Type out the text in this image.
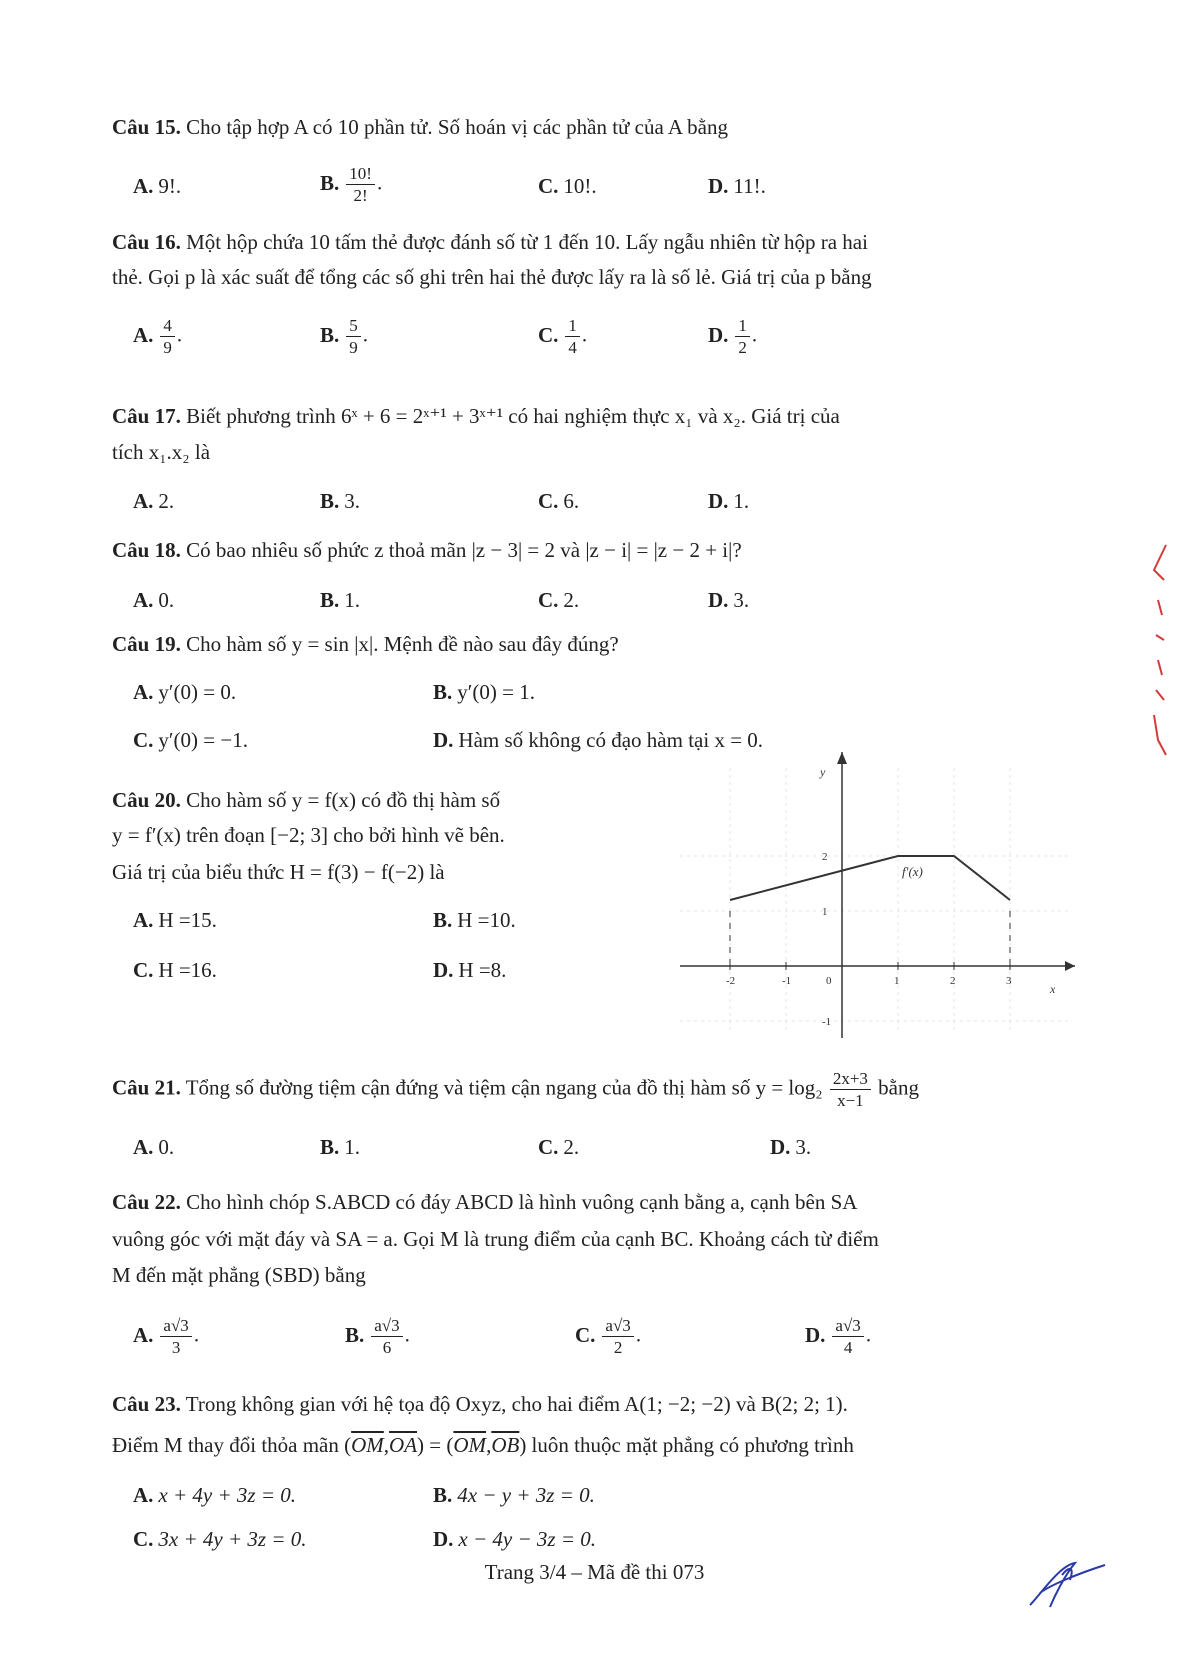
Câu 15. Cho tập hợp A có 10 phần tử. Số hoán vị các phần tử của A bằng
A. 9!.	B. $\frac{10!}{2!}$ .	C. 10!.	D. 11!.
Câu 16. Một hộp chứa 10 tấm thẻ được đánh số từ 1 đến 10. Lấy ngẫu nhiên từ hộp ra hai
thẻ. Gọi p là xác suất để tổng các số ghi trên hai thẻ được lấy ra là số lẻ. Giá trị của p bằng
A. $\frac{4}{9}$ .	B. $\frac{5}{9}$ .	C. $\frac{1}{4}$ .	D. $\frac{1}{2}$ .
Câu 17. Biết phương trình 6ˣ + 6 = 2ˣ⁺¹ + 3ˣ⁺¹ có hai nghiệm thực x₁ và x₂. Giá trị của
tích x₁.x₂ là
A. 2.	B. 3.	C. 6.	D. 1.
Câu 18. Có bao nhiêu số phức z thoả mãn |z − 3| = 2 và |z − i| = |z − 2 + i|?
A. 0.	B. 1.	C. 2.	D. 3.
Câu 19. Cho hàm số y = sin |x|. Mệnh đề nào sau đây đúng?
A. y′(0) = 0.	B. y′(0) = 1.
C. y′(0) = −1.	D. Hàm số không có đạo hàm tại x = 0.
Câu 20. Cho hàm số y = f(x) có đồ thị hàm số
y = f′(x) trên đoạn [−2; 3] cho bởi hình vẽ bên.
Giá trị của biểu thức H = f(3) − f(−2) là
A. H =15.	B. H =10.
C. H =16.	D. H =8.
y
x
-2	-1	0	1	2	3
2
1
-1
f′(x)
Câu 21. Tổng số đường tiệm cận đứng và tiệm cận ngang của đồ thị hàm số $y = \log_2 \frac{2x+3}{x-1}$ bằng
A. 0.	B. 1.	C. 2.	D. 3.
Câu 22. Cho hình chóp S.ABCD có đáy ABCD là hình vuông cạnh bằng a, cạnh bên SA
vuông góc với mặt đáy và SA = a. Gọi M là trung điểm của cạnh BC. Khoảng cách từ điểm
M đến mặt phẳng (SBD) bằng
A. $\frac{a√3}{3}$ .	B. $\frac{a√3}{6}$ .	C. $\frac{a√3}{2}$ .	D. $\frac{a√3}{4}$ .
Câu 23. Trong không gian với hệ tọa độ Oxyz, cho hai điểm A(1; −2; −2) và B(2; 2; 1).
Điểm M thay đổi thỏa mãn $(\overline{OM},\overline{OA}) = (\overline{OM},\overline{OB})$ luôn thuộc mặt phẳng có phương trình
A. x + 4y + 3z = 0.	B. 4x − y + 3z = 0.
C. 3x + 4y + 3z = 0.	D. x − 4y − 3z = 0.
Trang 3/4 – Mã đề thi 073
